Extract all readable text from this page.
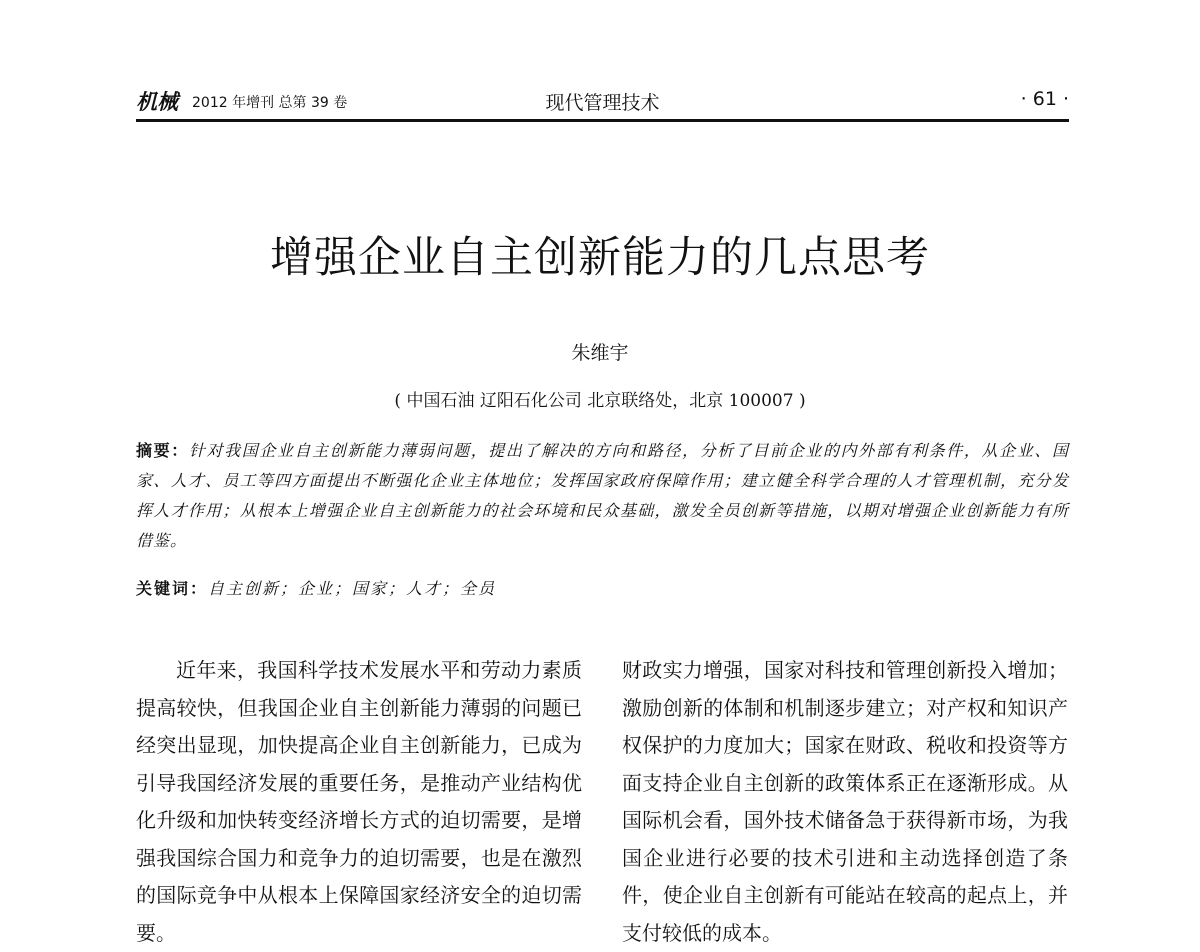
机械 2012 年增刊 总第 39 卷	现代管理技术	· 61 ·
增强企业自主创新能力的几点思考
朱维宇
( 中国石油 辽阳石化公司 北京联络处，北京 100007 )
摘要：针对我国企业自主创新能力薄弱问题，提出了解决的方向和路径，分析了目前企业的内外部有利条件，从企业、国家、人才、员工等四方面提出不断强化企业主体地位；发挥国家政府保障作用；建立健全科学合理的人才管理机制，充分发挥人才作用；从根本上增强企业自主创新能力的社会环境和民众基础，激发全员创新等措施，以期对增强企业创新能力有所借鉴。
关键词：自主创新；企业；国家；人才；全员

近年来，我国科学技术发展水平和劳动力素质提高较快，但我国企业自主创新能力薄弱的问题已经突出显现，加快提高企业自主创新能力，已成为引导我国经济发展的重要任务，是推动产业结构优化升级和加快转变经济增长方式的迫切需要，是增强我国综合国力和竞争力的迫切需要，也是在激烈的国际竞争中从根本上保障国家经济安全的迫切需要。

财政实力增强，国家对科技和管理创新投入增加；激励创新的体制和机制逐步建立；对产权和知识产权保护的力度加大；国家在财政、税收和投资等方面支持企业自主创新的政策体系正在逐渐形成。从国际机会看，国外技术储备急于获得新市场，为我国企业进行必要的技术引进和主动选择创造了条件，使企业自主创新有可能站在较高的起点上，并支付较低的成本。
